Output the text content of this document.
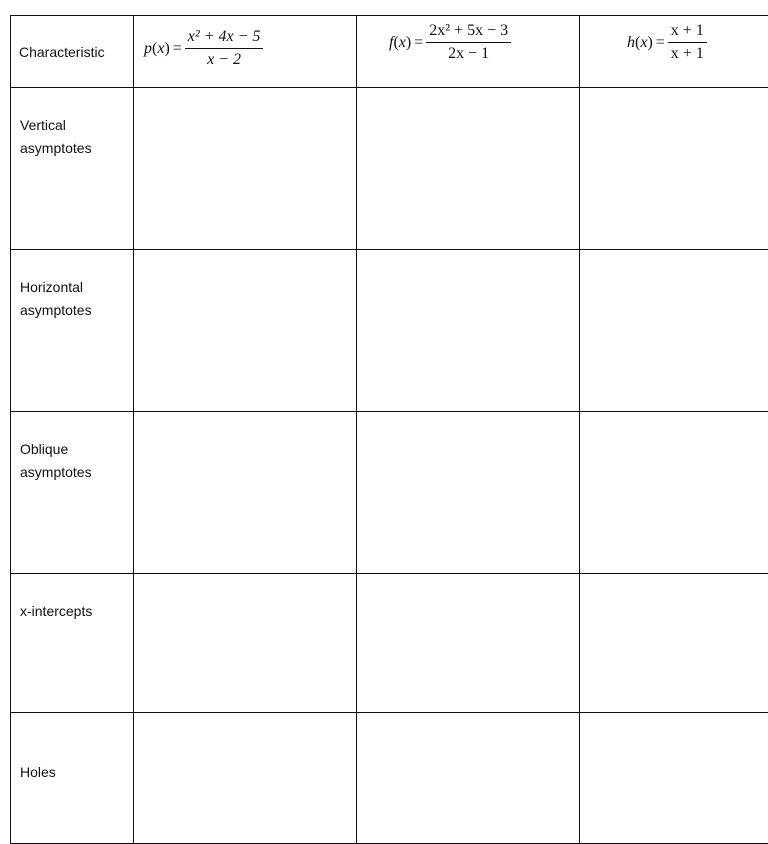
Characteristic	$p(x) = \frac{\text{x² + 4x − 5}}{x - 2}$	$f(x) = \frac{\text{2x² + 5x − 3}}{2x - 1}$	$h(x) = \frac{x + 1}{x + 1}$

Vertical
asymptotes			

Horizontal
asymptotes			

Oblique
asymptotes			

x-intercepts			

Holes			
